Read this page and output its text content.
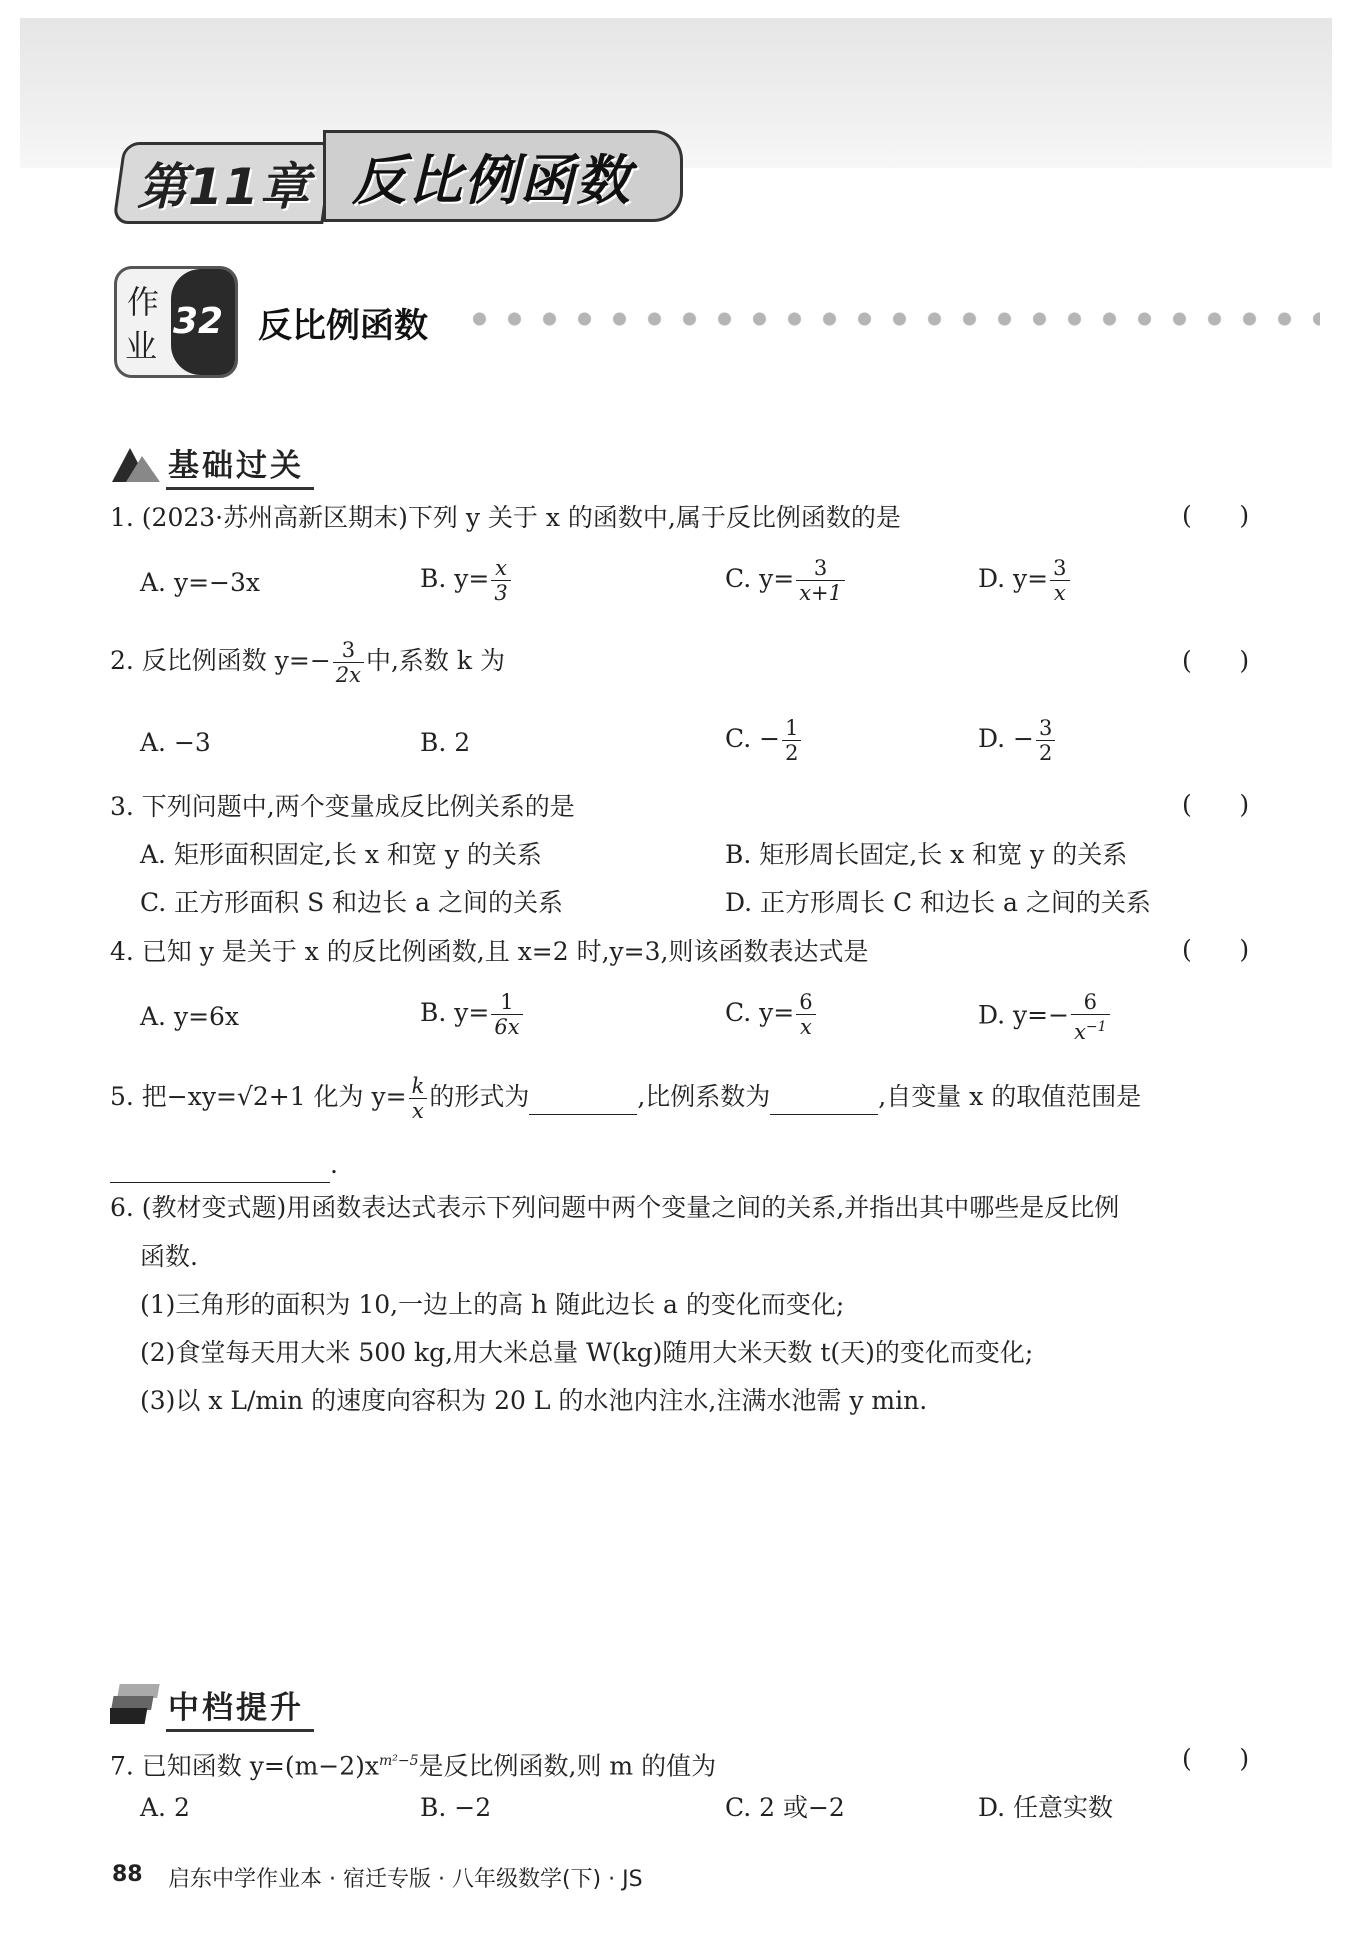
第11章 反比例函数
作
业
32 反比例函数
基础过关
1. (2023·苏州高新区期末)下列 y 关于 x 的函数中,属于反比例函数的是	(      )
A. y=−3x	B. $y= \frac{x}{3}$	C. $y= \frac{3}{x+1}$	D. $y= \frac{3}{x}$
2. 反比例函数 $y=- \frac{3}{2x}$ 中,系数 k 为	(      )
A. −3	B. 2	C. − $\frac{1}{2}$	D. − $\frac{3}{2}$
3. 下列问题中,两个变量成反比例关系的是	(      )
A. 矩形面积固定,长 x 和宽 y 的关系	B. 矩形周长固定,长 x 和宽 y 的关系
C. 正方形面积 S 和边长 a 之间的关系	D. 正方形周长 C 和边长 a 之间的关系
4. 已知 y 是关于 x 的反比例函数,且 x=2 时,y=3,则该函数表达式是	(      )
A. y=6x	B. $y= \frac{1}{6x}$	C. $y= \frac{6}{x}$	D. $y=- \frac{6}{x^{-1}}$
5. 把−xy=√2+1 化为 $y= \frac{k}{x}$ 的形式为	,比例系数为	,自变量 x 的取值范围是
.
6. (教材变式题)用函数表达式表示下列问题中两个变量之间的关系,并指出其中哪些是反比例
函数.
(1)三角形的面积为 10,一边上的高 h 随此边长 a 的变化而变化;
(2)食堂每天用大米 500 kg,用大米总量 W(kg)随用大米天数 t(天)的变化而变化;
(3)以 x L/min 的速度向容积为 20 L 的水池内注水,注满水池需 y min.
中档提升
7. 已知函数 $y=(m-2)x^{m^2-5}$是反比例函数,则 m 的值为	(      )
A. 2	B. −2	C. 2 或−2	D. 任意实数
88 启东中学作业本 · 宿迁专版 · 八年级数学(下) · JS
